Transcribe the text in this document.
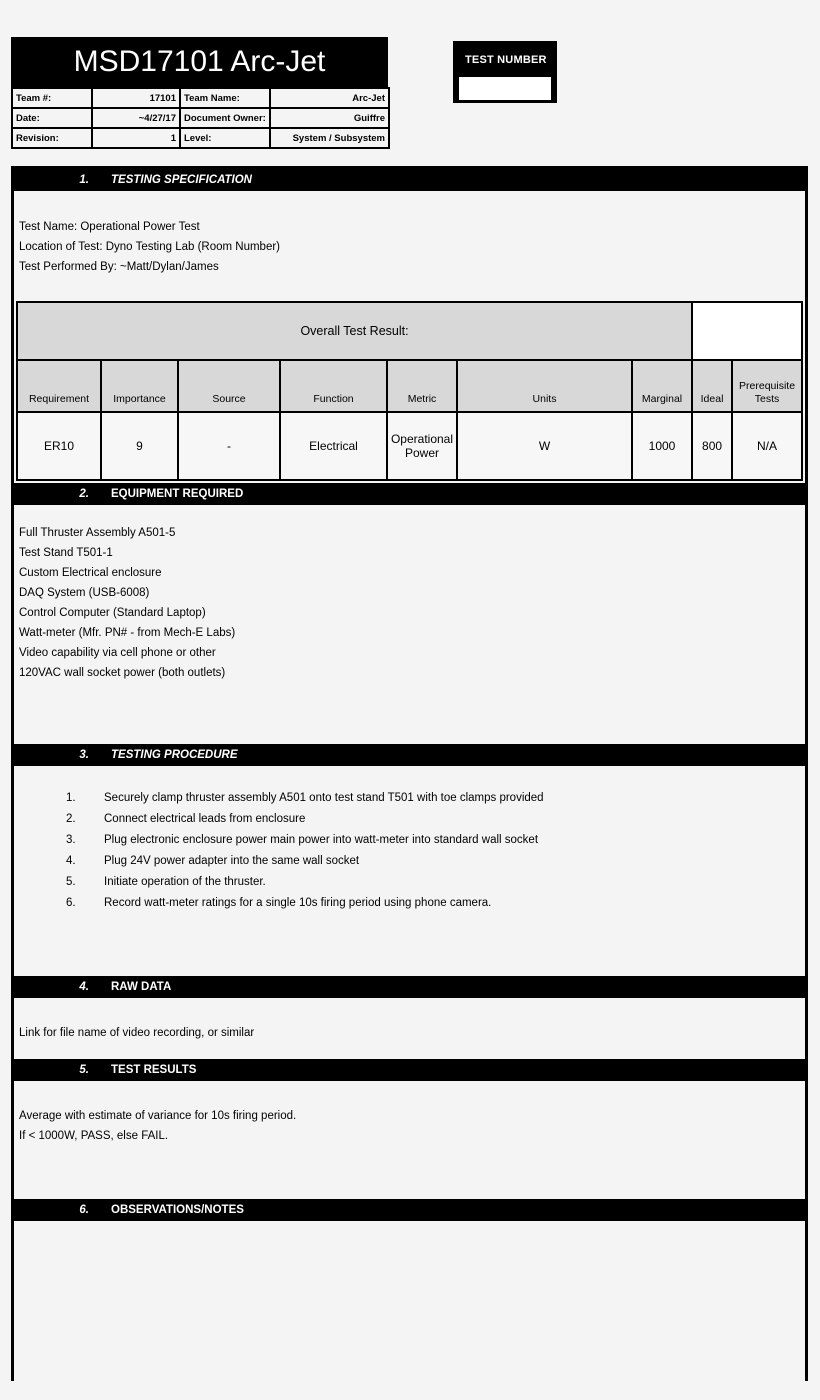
MSD17101 Arc-Jet
Team #:	17101	Team Name:	Arc-Jet
Date:	~4/27/17	Document Owner:	Guiffre
Revision:	1	Level:	System / Subsystem
TEST NUMBER
1. TESTING SPECIFICATION

Test Name: Operational Power Test

Location of Test: Dyno Testing Lab (Room Number)

Test Performed By: ~Matt/Dylan/James

Overall Test Result:								
Requirement	Importance	Source	Function	Metric	Units	Marginal	Ideal	Prerequisite Tests
ER10	9	-	Electrical	Operational Power	W	1000	800	N/A
2. EQUIPMENT REQUIRED

Full Thruster Assembly A501-5

Test Stand T501-1

Custom Electrical enclosure

DAQ System (USB-6008)

Control Computer (Standard Laptop)

Watt-meter (Mfr. PN# - from Mech-E Labs)

Video capability via cell phone or other

120VAC wall socket power (both outlets)

3. TESTING PROCEDURE
1.	Securely clamp thruster assembly A501 onto test stand T501 with toe clamps provided
2.	Connect electrical leads from enclosure
3.	Plug electronic enclosure power main power into watt-meter into standard wall socket
4.	Plug 24V power adapter into the same wall socket
5.	Initiate operation of the thruster.
6.	Record watt-meter ratings for a single 10s firing period using phone camera.
4. RAW DATA

Link for file name of video recording, or similar

5. TEST RESULTS

Average with estimate of variance for 10s firing period.

If < 1000W, PASS, else FAIL.

6. OBSERVATIONS/NOTES
